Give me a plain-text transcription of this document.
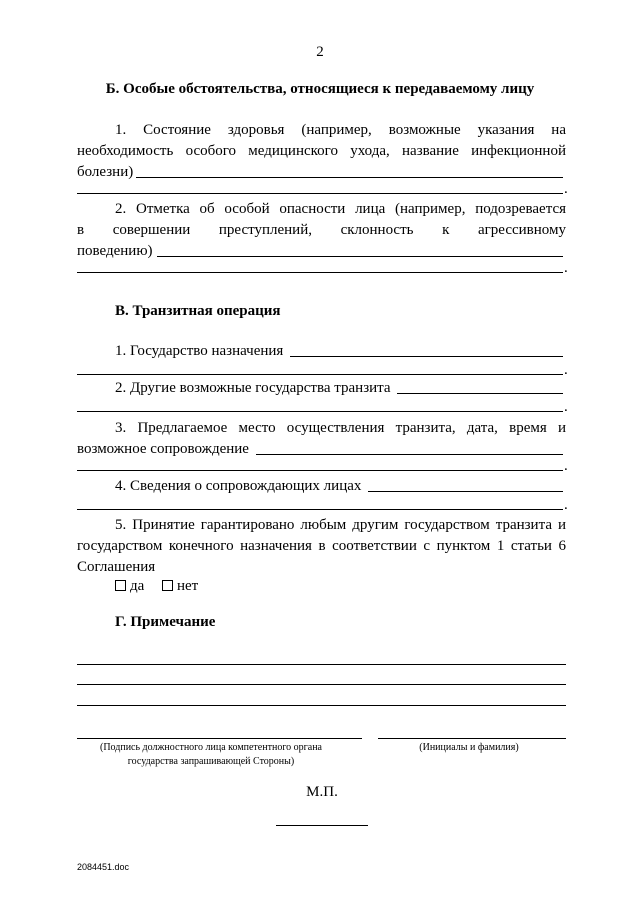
2
Б. Особые обстоятельства, относящиеся к передаваемому лицу
1. Состояние здоровья (например, возможные указания на
необходимость особого медицинского ухода, название инфекционной
болезни)
.
2. Отметка об особой опасности лица (например, подозревается
в совершении преступлений, склонность к агрессивному
поведению)
.
В. Транзитная операция
1. Государство назначения
.
2. Другие возможные государства транзита
.
3. Предлагаемое место осуществления транзита, дата, время и
возможное сопровождение
.
4. Сведения о сопровождающих лицах
.
5. Принятие гарантировано любым другим государством транзита и
государством конечного назначения в соответствии с пунктом 1 статьи 6
Соглашения
да	нет
Г. Примечание
(Подпись должностного лица компетентного органа
государства запрашивающей Стороны)
(Инициалы и фамилия)
М.П.
2084451.doc
